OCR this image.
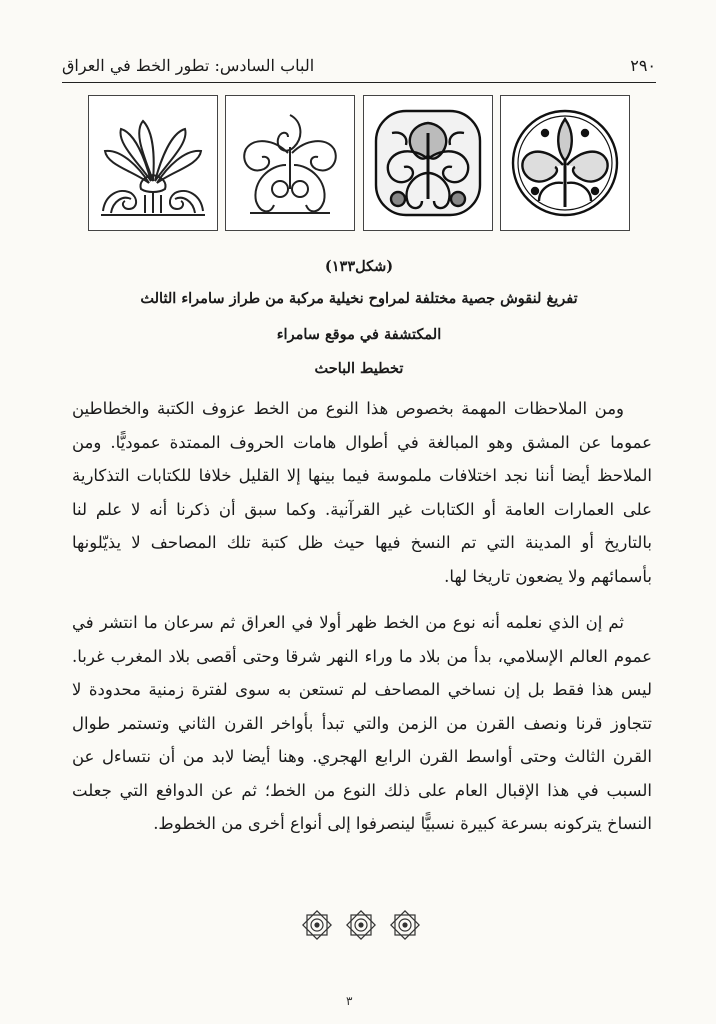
٢٩٠
الباب السادس: تطور الخط في العراق
(شكل١٣٣)
تفريغ لنقوش جصية مختلفة لمراوح نخيلية مركبة من طراز سامراء الثالث
المكتشفة في موقع سامراء
تخطيط الباحث

ومن الملاحظات المهمة بخصوص هذا النوع من الخط عزوف الكتبة والخطاطين عموما عن المشق وهو المبالغة في أطوال هامات الحروف الممتدة عموديًّا. ومن الملاحظ أيضا أننا نجد اختلافات ملموسة فيما بينها إلا القليل خلافا للكتابات التذكارية على العمارات العامة أو الكتابات غير القرآنية. وكما سبق أن ذكرنا أنه لا علم لنا بالتاريخ أو المدينة التي تم النسخ فيها حيث ظل كتبة تلك المصاحف لا يذيّلونها بأسمائهم ولا يضعون تاريخا لها.

ثم إن الذي نعلمه أنه نوع من الخط ظهر أولا في العراق ثم سرعان ما انتشر في عموم العالم الإسلامي، بدأ من بلاد ما وراء النهر شرقا وحتى أقصى بلاد المغرب غربا. ليس هذا فقط بل إن نساخي المصاحف لم تستعن به سوى لفترة زمنية محدودة لا تتجاوز قرنا ونصف القرن من الزمن والتي تبدأ بأواخر القرن الثاني وتستمر طوال القرن الثالث وحتى أواسط القرن الرابع الهجري. وهنا أيضا لابد من أن نتساءل عن السبب في هذا الإقبال العام على ذلك النوع من الخط؛ ثم عن الدوافع التي جعلت النساخ يتركونه بسرعة كبيرة نسبيًّا لينصرفوا إلى أنواع أخرى من الخطوط.

٣
